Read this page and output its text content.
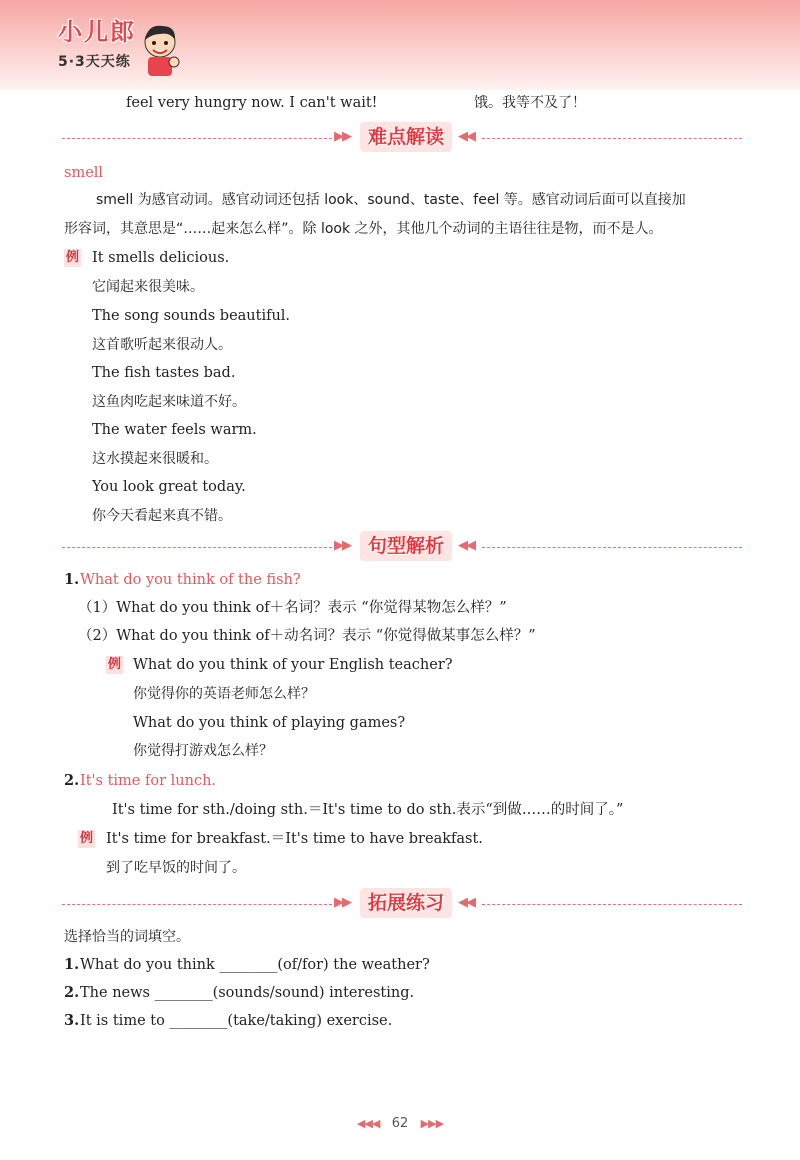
小儿郎
5·3天天练
feel very hungry now. I can't wait!	饿。我等不及了！
▶▶ 难点解读	◀◀
smell
smell 为感官动词。感官动词还包括 look、sound、taste、feel 等。感官动词后面可以直接加
形容词，其意思是“……起来怎么样”。除 look 之外，其他几个动词的主语往往是物，而不是人。
例 It smells delicious.
它闻起来很美味。
The song sounds beautiful.
这首歌听起来很动人。
The fish tastes bad.
这鱼肉吃起来味道不好。
The water feels warm.
这水摸起来很暖和。
You look great today.
你今天看起来真不错。
▶▶ 句型解析	◀◀
1. What do you think of the fish?
（1）What do you think of＋名词？表示 “你觉得某物怎么样？”
（2）What do you think of＋动名词？表示 “你觉得做某事怎么样？”
例 What do you think of your English teacher?
你觉得你的英语老师怎么样？
What do you think of playing games?
你觉得打游戏怎么样？
2. It's time for lunch.
It's time for sth./doing sth.＝It's time to do sth.表示“到做……的时间了。”
例 It's time for breakfast.＝It's time to have breakfast.
到了吃早饭的时间了。
▶▶ 拓展练习	◀◀
选择恰当的词填空。
1. What do you think ________(of/for) the weather?
2. The news ________(sounds/sound) interesting.
3. It is time to ________(take/taking) exercise.
◀◀◀ 62 ▶▶▶
